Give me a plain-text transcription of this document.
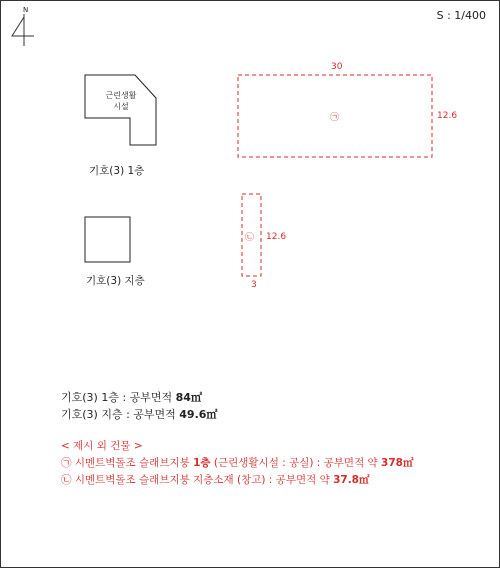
N	S : 1/400
근린생활
시설
기호(3) 1층
기호(3) 지층
30
12.6
㉠
㉡ 12.6
3
기호(3) 1층 : 공부면적 84㎡
기호(3) 지층 : 공부면적 49.6㎡
< 제시 외 건물 >
㉠ 시멘트벽돌조 슬래브지붕 1층 (근린생활시설 : 공실) : 공부면적 약 378㎡
㉡ 시멘트벽돌조 슬래브지붕 지층소재 (창고) : 공부면적 약 37.8㎡
